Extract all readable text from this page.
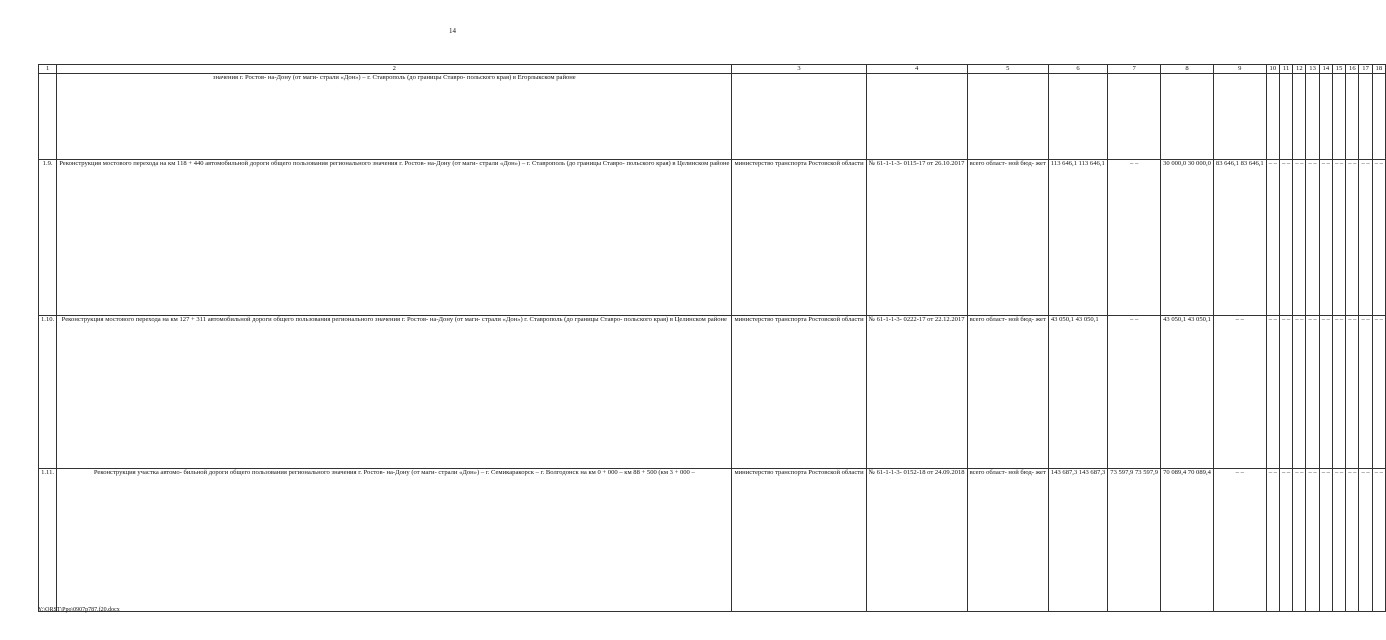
14
1	2	3	4	5	6	7	8	9	10	11	12	13	14	15	16	17	18
	значения г. Ростов- на-Дону (от маги- страли «Дон») – г. Ставрополь (до границы Ставро- польского края) в Егорлыкском районе																
1.9.	Реконструкция мостового перехода на км 118 + 440 автомобильной дороги общего пользования регионального значения г. Ростов- на-Дону (от маги- страли «Дон») – г. Ставрополь (до границы Ставро- польского края) в Целинском районе	министерство транспорта Ростовской области	№ 61-1-1-3- 0115-17 от 26.10.2017	всего област- ной бюд- жет	113 646,1 113 646,1	– –	30 000,0 30 000,0	83 646,1 83 646,1	– –	– –	– –	– –	– –	– –	– –	– –	– –
1.10.	Реконструкция мостового перехода на км 127 + 311 автомобильной дороги общего пользования регионального значения г. Ростов- на-Дону (от маги- страли «Дон») г. Ставрополь (до границы Ставро- польского края) в Целинском районе	министерство транспорта Ростовской области	№ 61-1-1-3- 0222-17 от 22.12.2017	всего област- ной бюд- жет	43 050,1 43 050,1	– –	43 050,1 43 050,1	– –	– –	– –	– –	– –	– –	– –	– –	– –	– –
1.11.	Реконструкция участка автомо- бильной дороги общего пользования регионального значения г. Ростов- на-Дону (от маги- страли «Дон») – г. Семикаракорск – г. Волгодонск на км 0 + 000 – км 88 + 500 (км 3 + 000 –	министерство транспорта Ростовской области	№ 61-1-1-3- 0152-18 от 24.09.2018	всего област- ной бюд- жет	143 687,3 143 687,3	73 597,9 73 597,9	70 089,4 70 089,4	– –	– –	– –	– –	– –	– –	– –	– –	– –	– –
Y:\ORST\Ppo\0907p787.f20.docx
